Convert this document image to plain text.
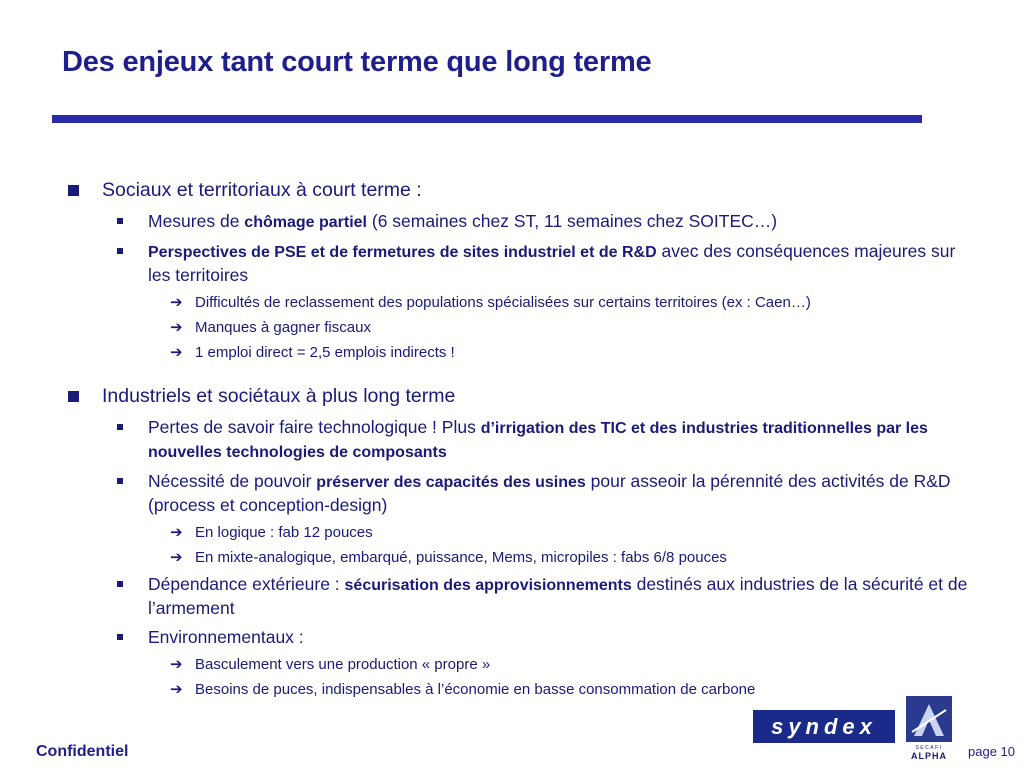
Des enjeux tant court terme que long terme
Sociaux et territoriaux à court terme :
Mesures de chômage partiel (6 semaines chez ST, 11 semaines chez SOITEC…)
Perspectives de PSE et de fermetures de sites industriel et de R&D avec des conséquences majeures sur les territoires
➔ Difficultés de reclassement des populations spécialisées sur certains territoires (ex : Caen…)
➔ Manques à gagner fiscaux
➔ 1 emploi direct = 2,5 emplois indirects !
Industriels et sociétaux à plus long terme
Pertes de savoir faire technologique ! Plus d’irrigation des TIC et des industries traditionnelles par les nouvelles technologies de composants
Nécessité de pouvoir préserver des capacités des usines pour asseoir la pérennité des activités de R&D (process et conception-design)
➔ En logique : fab 12 pouces
➔ En mixte-analogique, embarqué, puissance, Mems, micropiles : fabs 6/8 pouces
Dépendance extérieure : sécurisation des approvisionnements destinés aux industries de la sécurité et de l’armement
Environnementaux :
➔ Basculement vers une production « propre »
➔ Besoins de puces, indispensables à l’économie en basse consommation de carbone
syndex
SECAFI
ALPHA
Confidentiel	page 10
